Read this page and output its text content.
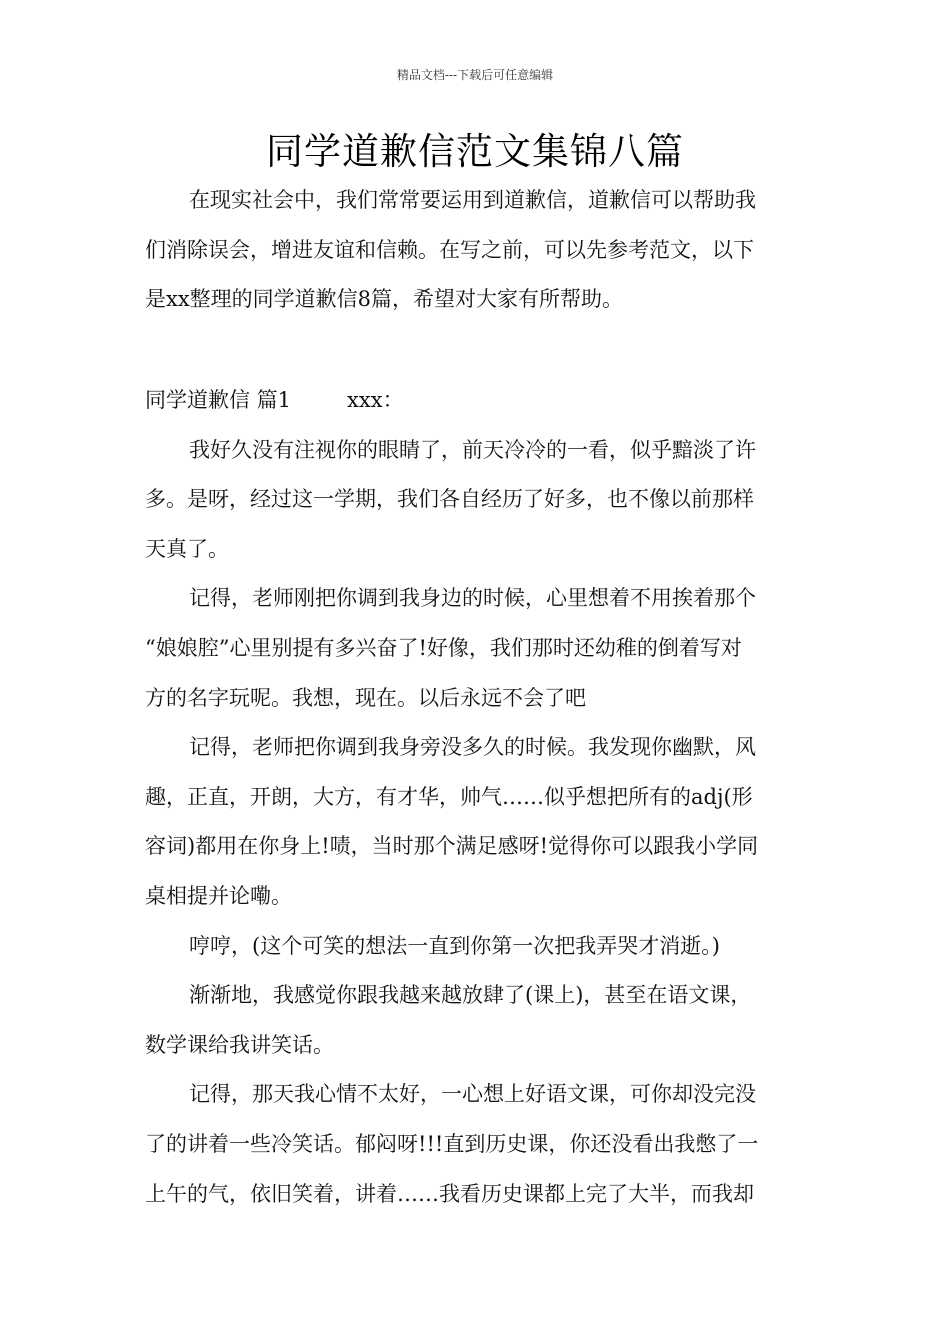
精品文档---下载后可任意编辑
同学道歉信范文集锦八篇
在现实社会中，我们常常要运用到道歉信，道歉信可以帮助我
们消除误会，增进友谊和信赖。在写之前，可以先参考范文，以下
是xx整理的同学道歉信8篇，希望对大家有所帮助。
同学道歉信 篇1	xxx：
我好久没有注视你的眼睛了，前天冷冷的一看，似乎黯淡了许
多。是呀，经过这一学期，我们各自经历了好多，也不像以前那样
天真了。
记得，老师刚把你调到我身边的时候，心里想着不用挨着那个
“娘娘腔”心里别提有多兴奋了!好像，我们那时还幼稚的倒着写对
方的名字玩呢。我想，现在。以后永远不会了吧
记得，老师把你调到我身旁没多久的时候。我发现你幽默，风
趣，正直，开朗，大方，有才华，帅气……似乎想把所有的adj(形
容词)都用在你身上!啧，当时那个满足感呀!觉得你可以跟我小学同
桌相提并论嘞。
哼哼，(这个可笑的想法一直到你第一次把我弄哭才消逝。)
渐渐地，我感觉你跟我越来越放肆了(课上)，甚至在语文课，
数学课给我讲笑话。
记得，那天我心情不太好，一心想上好语文课，可你却没完没
了的讲着一些冷笑话。郁闷呀!!!直到历史课，你还没看出我憋了一
上午的气，依旧笑着，讲着……我看历史课都上完了大半，而我却
